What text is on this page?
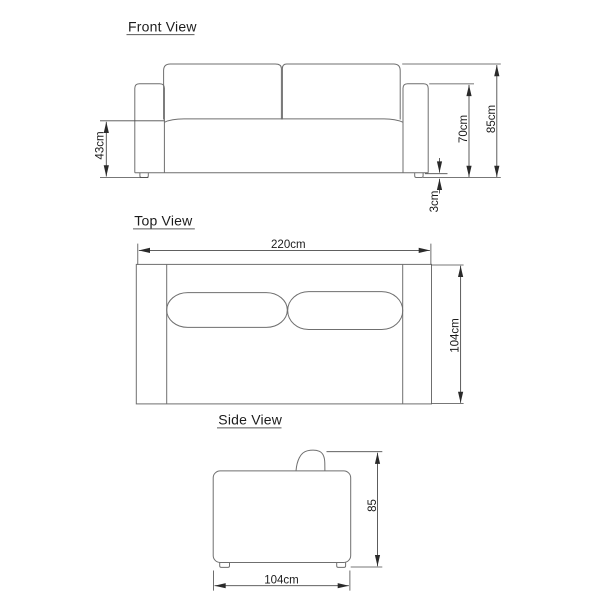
Front View
43cm
70cm 85cm
3cm
Top View
220cm
104cm
Side View
85
104cm
